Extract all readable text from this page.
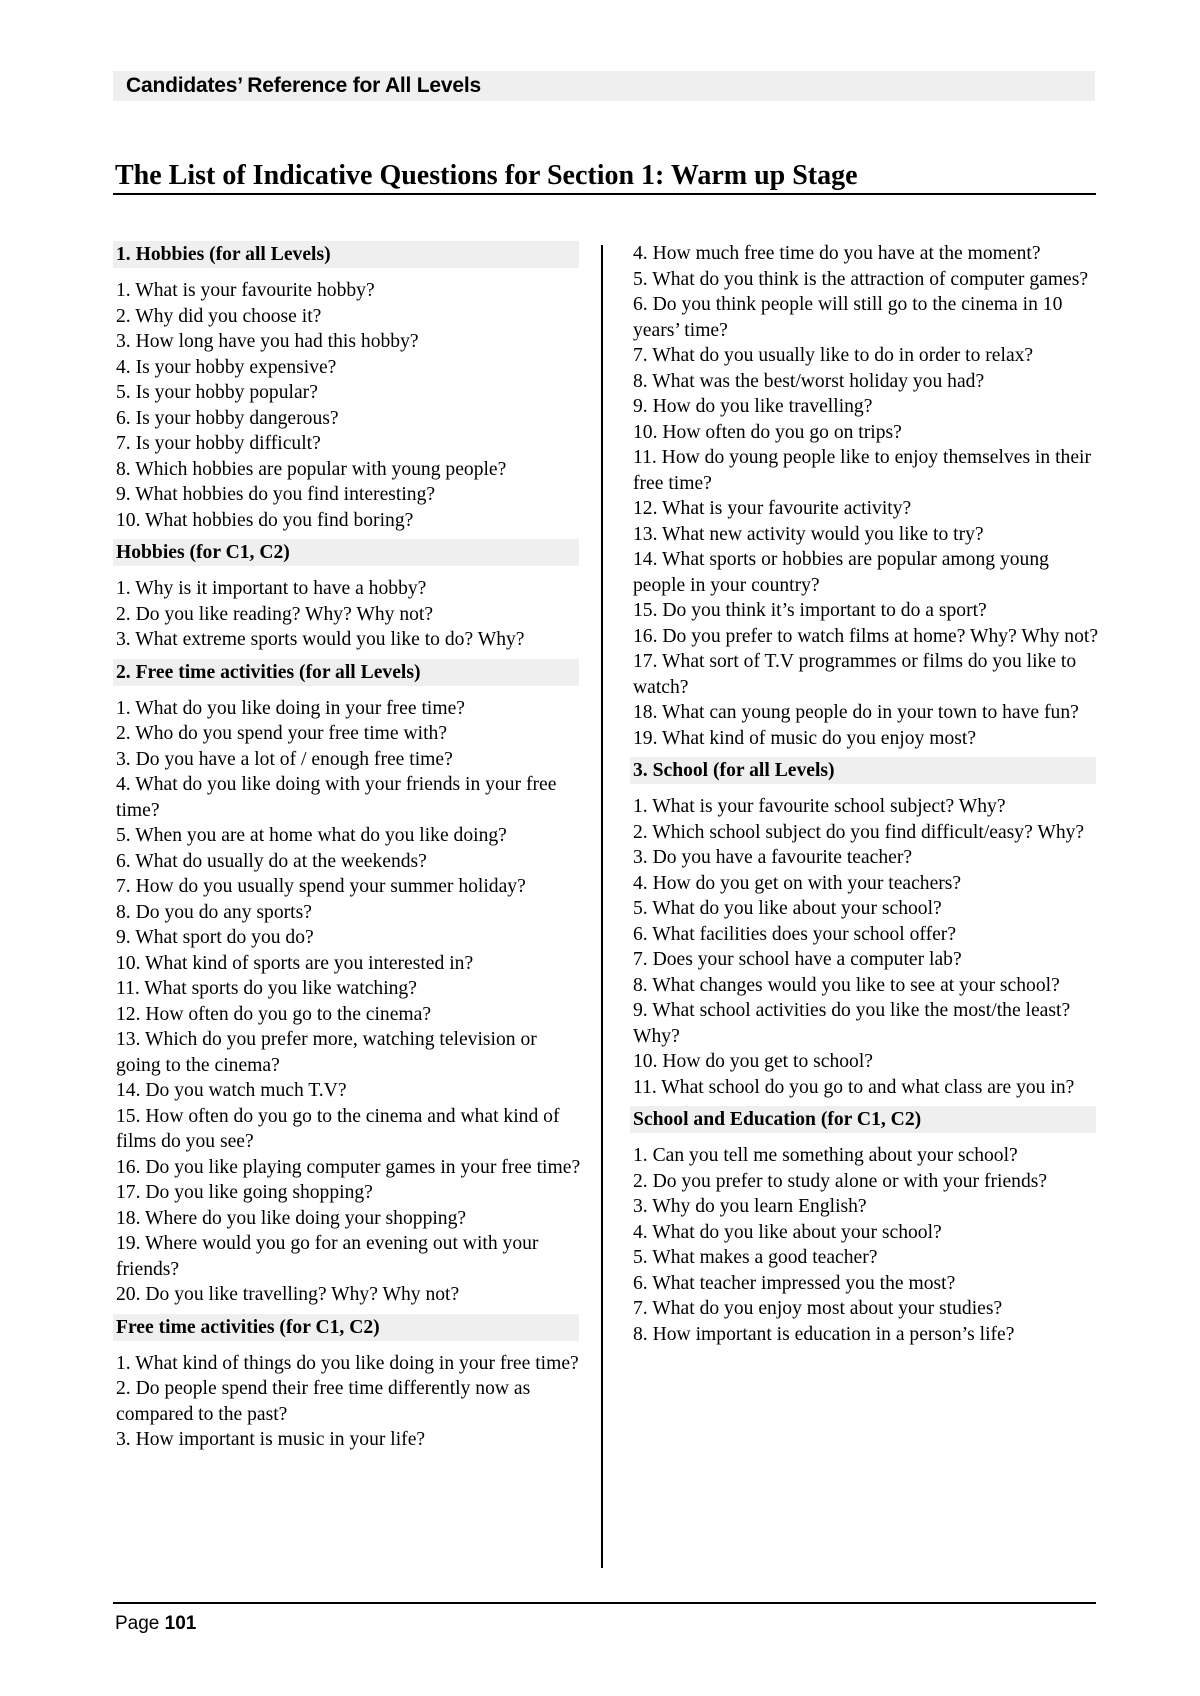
Candidates’ Reference for All Levels
The List of Indicative Questions for Section 1: Warm up Stage
1. Hobbies (for all Levels)
1. What is your favourite hobby?
2. Why did you choose it?
3. How long have you had this hobby?
4. Is your hobby expensive?
5. Is your hobby popular?
6. Is your hobby dangerous?
7. Is your hobby difficult?
8. Which hobbies are popular with young people?
9. What hobbies do you find interesting?
10. What hobbies do you find boring?
Hobbies (for C1, C2)
1. Why is it important to have a hobby?
2. Do you like reading? Why? Why not?
3. What extreme sports would you like to do? Why?
2. Free time activities (for all Levels)
1. What do you like doing in your free time?
2. Who do you spend your free time with?
3. Do you have a lot of / enough free time?
4. What do you like doing with your friends in your free time?
5. When you are at home what do you like doing?
6. What do usually do at the weekends?
7. How do you usually spend your summer holiday?
8. Do you do any sports?
9. What sport do you do?
10. What kind of sports are you interested in?
11. What sports do you like watching?
12. How often do you go to the cinema?
13. Which do you prefer more, watching television or going to the cinema?
14. Do you watch much T.V?
15. How often do you go to the cinema and what kind of films do you see?
16. Do you like playing computer games in your free time?
17. Do you like going shopping?
18. Where do you like doing your shopping?
19. Where would you go for an evening out with your friends?
20. Do you like travelling? Why? Why not?
Free time activities (for C1, C2)
1. What kind of things do you like doing in your free time?
2. Do people spend their free time differently now as compared to the past?
3. How important is music in your life?
4. How much free time do you have at the moment?
5. What do you think is the attraction of computer games?
6. Do you think people will still go to the cinema in 10 years’ time?
7. What do you usually like to do in order to relax?
8. What was the best/worst holiday you had?
9. How do you like travelling?
10. How often do you go on trips?
11. How do young people like to enjoy themselves in their free time?
12. What is your favourite activity?
13. What new activity would you like to try?
14. What sports or hobbies are popular among young people in your country?
15. Do you think it’s important to do a sport?
16. Do you prefer to watch films at home? Why? Why not?
17. What sort of T.V programmes or films do you like to watch?
18. What can young people do in your town to have fun?
19. What kind of music do you enjoy most?
3. School (for all Levels)
1. What is your favourite school subject? Why?
2. Which school subject do you find difficult/easy? Why?
3. Do you have a favourite teacher?
4. How do you get on with your teachers?
5. What do you like about your school?
6. What facilities does your school offer?
7. Does your school have a computer lab?
8. What changes would you like to see at your school?
9. What school activities do you like the most/the least? Why?
10. How do you get to school?
11. What school do you go to and what class are you in?
School and Education (for C1, C2)
1. Can you tell me something about your school?
2. Do you prefer to study alone or with your friends?
3. Why do you learn English?
4. What do you like about your school?
5. What makes a good teacher?
6. What teacher impressed you the most?
7. What do you enjoy most about your studies?
8. How important is education in a person’s life?
Page 101
